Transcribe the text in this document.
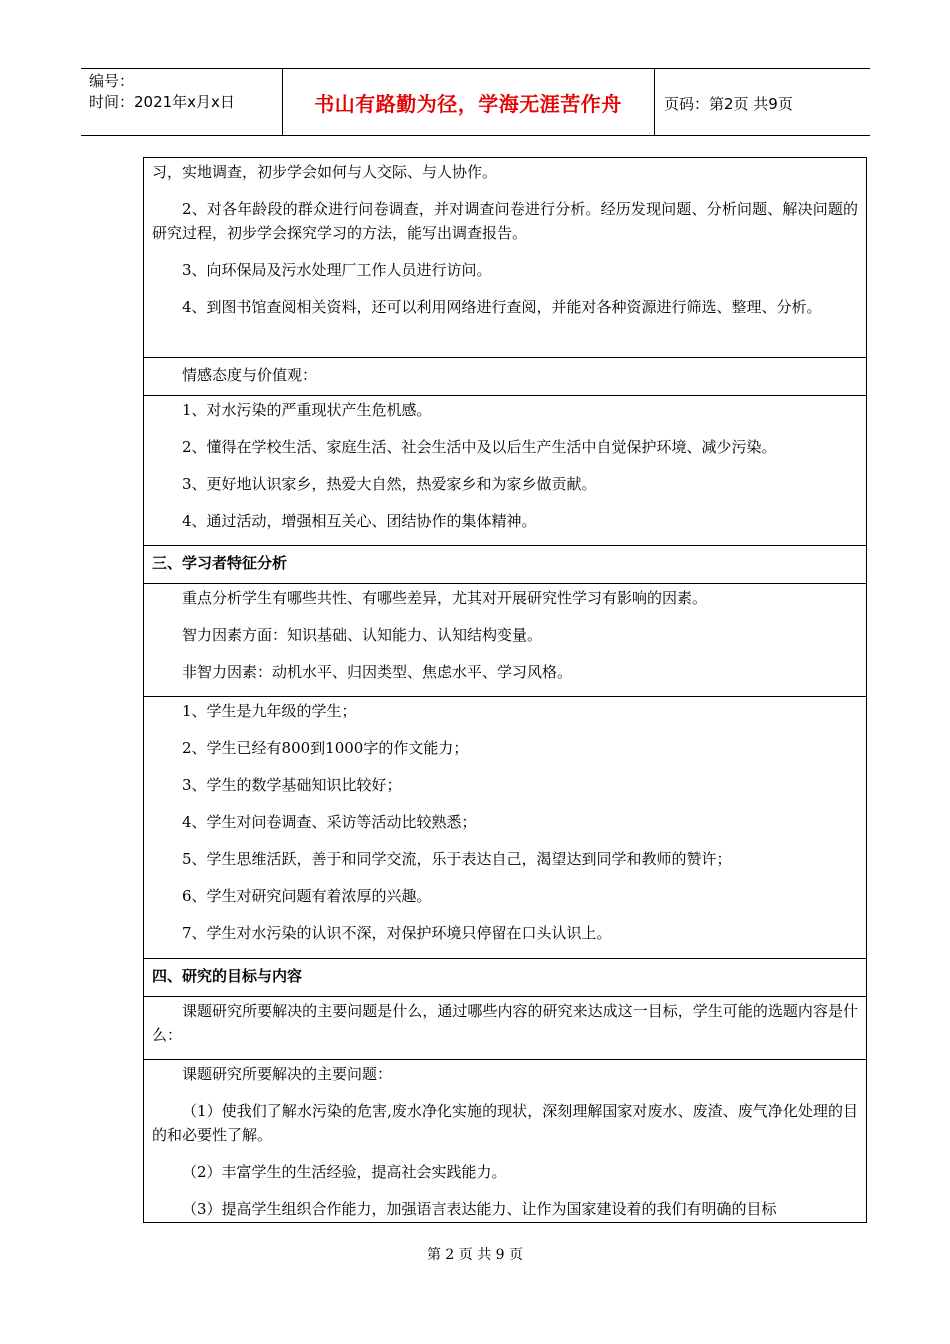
编号：
时间：2021年x月x日	书山有路勤为径，学海无涯苦作舟	页码：第2页 共9页

习，实地调查，初步学会如何与人交际、与人协作。

2、对各年龄段的群众进行问卷调查，并对调查问卷进行分析。经历发现问题、分析问题、解决问题的研究过程，初步学会探究学习的方法，能写出调查报告。

3、向环保局及污水处理厂工作人员进行访问。

4、到图书馆查阅相关资料，还可以利用网络进行查阅，并能对各种资源进行筛选、整理、分析。

情感态度与价值观：

1、对水污染的严重现状产生危机感。

2、懂得在学校生活、家庭生活、社会生活中及以后生产生活中自觉保护环境、减少污染。

3、更好地认识家乡，热爱大自然，热爱家乡和为家乡做贡献。

4、通过活动，增强相互关心、团结协作的集体精神。

三、学习者特征分析

重点分析学生有哪些共性、有哪些差异，尤其对开展研究性学习有影响的因素。

智力因素方面：知识基础、认知能力、认知结构变量。

非智力因素：动机水平、归因类型、焦虑水平、学习风格。

1、学生是九年级的学生；

2、学生已经有800到1000字的作文能力；

3、学生的数学基础知识比较好；

4、学生对问卷调查、采访等活动比较熟悉；

5、学生思维活跃，善于和同学交流，乐于表达自己，渴望达到同学和教师的赞许；

6、学生对研究问题有着浓厚的兴趣。

7、学生对水污染的认识不深，对保护环境只停留在口头认识上。

四、研究的目标与内容

课题研究所要解决的主要问题是什么，通过哪些内容的研究来达成这一目标，学生可能的选题内容是什么：

课题研究所要解决的主要问题：

（1）使我们了解水污染的危害,废水净化实施的现状，深刻理解国家对废水、废渣、废气净化处理的目的和必要性了解。

（2）丰富学生的生活经验，提高社会实践能力。

（3）提高学生组织合作能力，加强语言表达能力、让作为国家建设着的我们有明确的目标

第 2 页 共 9 页
